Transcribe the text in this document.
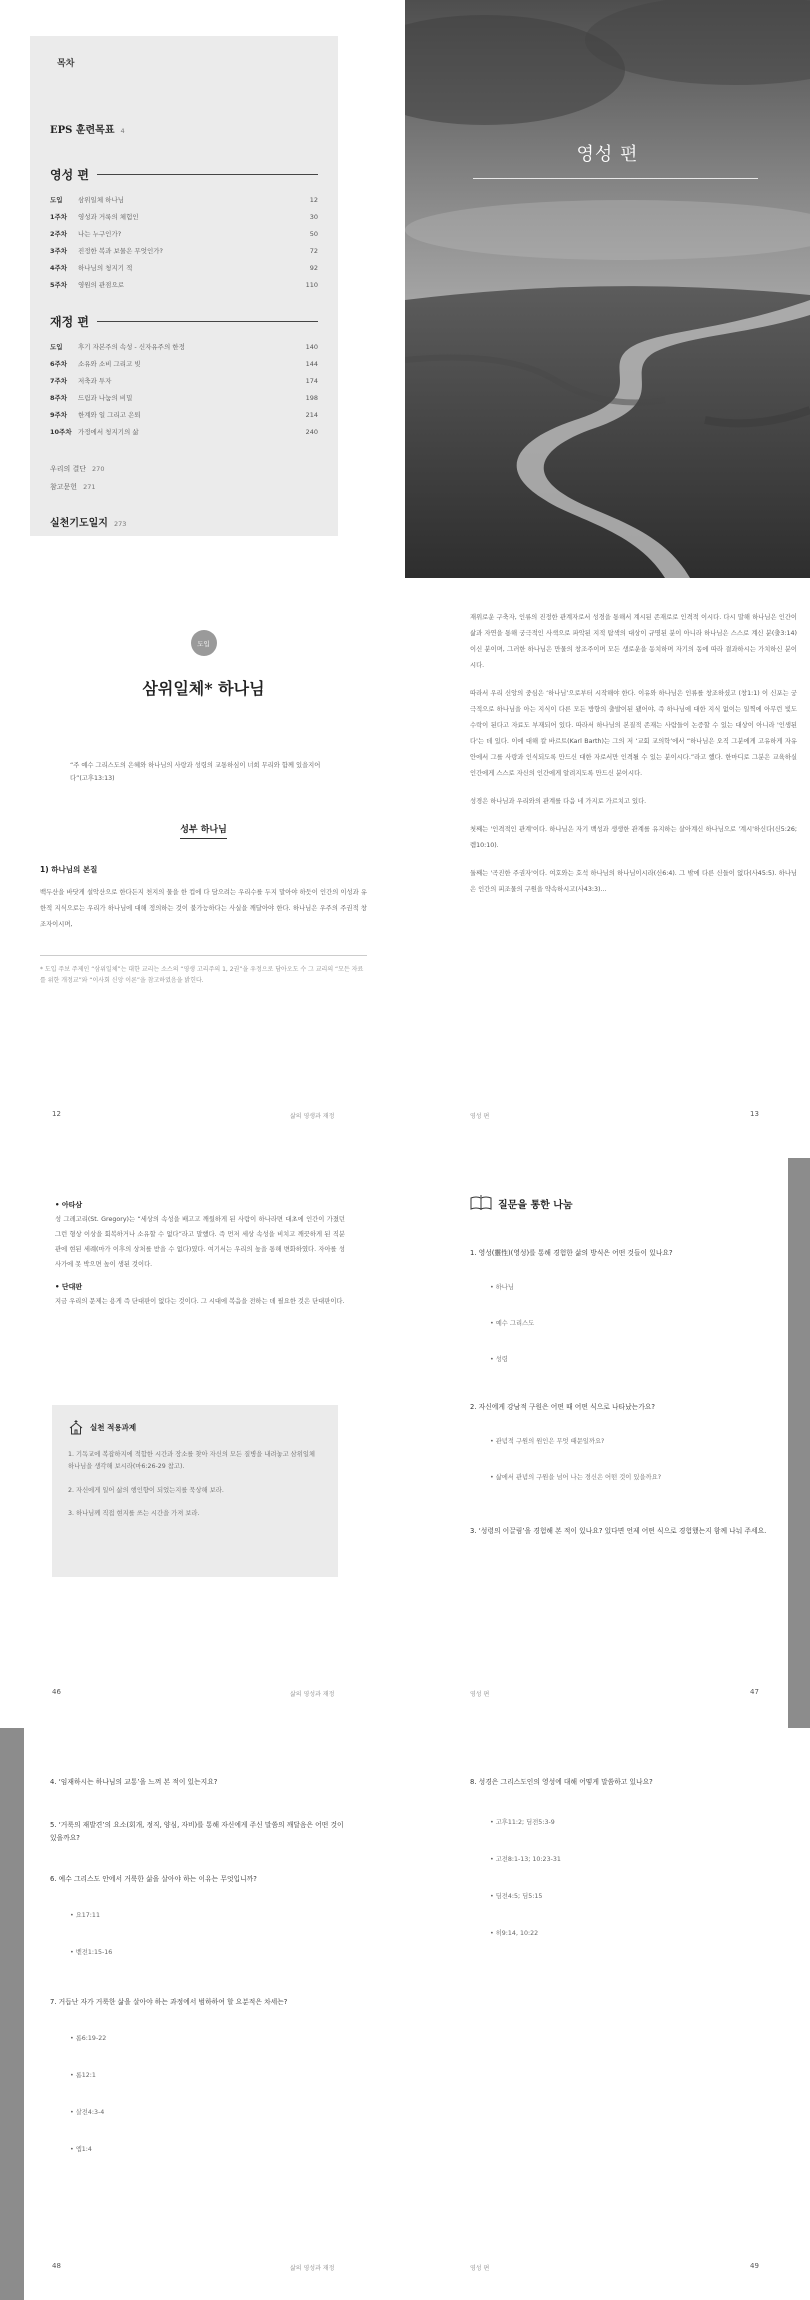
목차
EPS 훈련목표 4
영성 편
도입	삼위일체 하나님	12
1주차	영성과 거룩의 체험인	30
2주차	나는 누구인가?	50
3주차	진정한 복과 보물은 무엇인가?	72
4주차	하나님의 청지기 적	92
5주차	영원의 관점으로	110
재정 편
도입	후기 자본주의 속성 - 신자유주의 한정	140
6주차	소유와 소비 그리고 빚	144
7주차	저축과 투자	174
8주차	드림과 나눔의 비밀	198
9주차	한계와 일 그리고 은퇴	214
10주차 가정에서 청지기의 삶	240
우리의 결단 270
참고문헌 271
실천기도일지 273
영성 편
도입
삼위일체* 하나님
“주 예수 그리스도의 은혜와 하나님의 사랑과 성령의 교통하심이 너희 무리와 함께 있을지어다”(고후13:13)
성부 하나님
1) 하나님의 본질
백두산을 바닷게 설악산으로 한다든지 천지의 물을 한 컵에 다 담으려는 우리수를 두지 말아야 하듯이 인간의 이성과 유한적 지식으로는 우리가 하나님에 대해 정의하는 것이 불가능하다는 사실을 깨달아야 한다. 하나님은 우주의 주권적 창조자이시며,
* 도입 주보 주제인 “삼위일체”는 대한 교리는 소스의 “영생 고리주의 1, 2권”을 우정으로 담아오도 수 그 교리의 “모든 자료를 위한 개정교”와 “이사회 신앙 이론”을 참고하였음을 밝힌다.
12	삶의 영생과 재정
재위로운 구축자, 인류의 진정한 관계자로서 성경을 통해서 계시된 존재로로 인격적 이시다. 다시 말해 하나님은 인간이 삶과 자연을 통해 궁극적인 사색으로 파악된 지적 탐색의 대상이 규명된 분이 아니라 하나님은 스스로 계신 분(출3:14)이신 분이며, 그러한 하나님은 만물의 창조주이며 모든 생로운을 동치하며 자기의 동에 따라 결과하시는 가치하신 분이시다.
따라서 우리 신앙의 중심은 ‘하나님’으로부터 시작해야 한다. 이유와 하나님은 인류를 창조하셨고 (창1:1) 이 신포는 궁극적으로 하나님을 아는 지식이 다른 모든 방향의 출발이된 됐어야, 즉 하나님에 대한 지식 없이는 일찍에 아무런 빛도 수락이 된다고 자료도 부재되어 있다. 따라서 하나님의 본질적 존재는 사람들이 논증할 수 있는 대상이 아니라 '인생된다'는 데 있다. 이에 대해 칼 바르트(Karl Barth)는 그의 저 ‘교회 교의학’에서 “하나님은 오직 그분에게 고유하게 자유 안에서 그를 사랑과 인식되도록 만드신 대한 자로서만 인격될 수 있는 분이시다.”라고 했다. 한마디로 그분은 교육하실 인간에게 스스로 자신의 인간에게 알려지도록 만드신 분이시다.
성경은 하나님과 우리와의 관계를 다음 네 가지로 가르치고 있다.
첫째는 '인격적인 관계'이다. 하나님은 자기 백성과 생생한 관계를 유지하는 살아계신 하나님으로 '계시'하신다(신5:26; 렘10:10).
둘째는 '곡진한 주권자'이다. 여호와는 호석 하나님의 하나님이시라(신6:4). 그 밖에 다른 신들이 없다(사45:5). 하나님은 인간의 피조물의 구원을 약속하시고(사43:3)...
영성 편	13
• 아타삼
성 그레고리(St. Gregory)는 “세상의 속성을 배고고 깨웠하게 된 사람이 하나라면 대초에 인간이 가졌던 그런 형상 이상을 회복하거나 소유할 수 없다”라고 말했다. 즉 먼저 세상 속성을 비치고 깨끗하게 된 직분관에 현된 세례(마가 이후의 상처를 받을 수 없다)였다. 여기서는 우리의 높을 통해 변화하였다. 자아를 성사가에 못 박으면 높이 생된 것이다.
• 단대판
지금 우리의 문제는 용게 즉 단대판이 없다는 것이다. 그 시대에 복음을 전하는 데 필요한 것은 단대판이다.
실천 적용과제
1. 기독교에 복잡하지에 적합한 시간과 장소를 찾아 자신의 모든 질병을 내려놓고 삼위일체 하나님을 생각해 보시라(마6:26-29 참고).
2. 자신에게 일어 삶의 행인향이 되었는지를 묵상해 보라.
3. 하나님께 직접 현지를 쓰는 시간을 가져 보라.
46	삶의 영성과 재정
질문을 통한 나눔
1. 영성(靈性)(영성)를 통해 경험한 삶의 방식은 어떤 것들이 있나요?
• 하나님
• 예수 그리스도
• 성령
2. 자신에게 강남적 구원은 어떤 때 어떤 식으로 나타났는가요?
• 관념적 구원의 원인은 무엇 때문일까요?
• 삶에서 관념의 구원을 넘어 나는 경신은 어떤 것이 있을까요?
3. ‘성령의 이끌림’을 경험해 본 적이 있나요? 있다면 언제 어떤 식으로 경험했는지 함께 나눠 주세요.
영성 편	47
4. ‘임재하시는 하나님의 교통’을 느껴 본 적이 있는지요?
5. ‘거룩의 재발견’의 요소(회개, 정직, 양심, 자비)를 통해 자신에게 주신 말씀의 깨달음은 어떤 것이 있을까요?
6. 예수 그리스도 안에서 거룩한 삶을 살아야 하는 이유는 무엇입니까?
• 요17:11
• 벧전1:15-16
7. 거듭난 자가 거룩한 삶을 살아야 하는 과정에서 범하하여 할 요분적은 차세는?
• 롬6:19-22
• 롬12:1
• 살전4:3-4
• 엡1:4
48	삶의 영성과 재정
8. 성경은 그리스도인의 영성에 대해 어떻게 말씀하고 있나요?
• 고후11:2; 딤전5:3-9
• 고전8:1-13; 10:23-31
• 딤전4:5; 딤5:15
• 히9:14, 10:22
영성 편	49
